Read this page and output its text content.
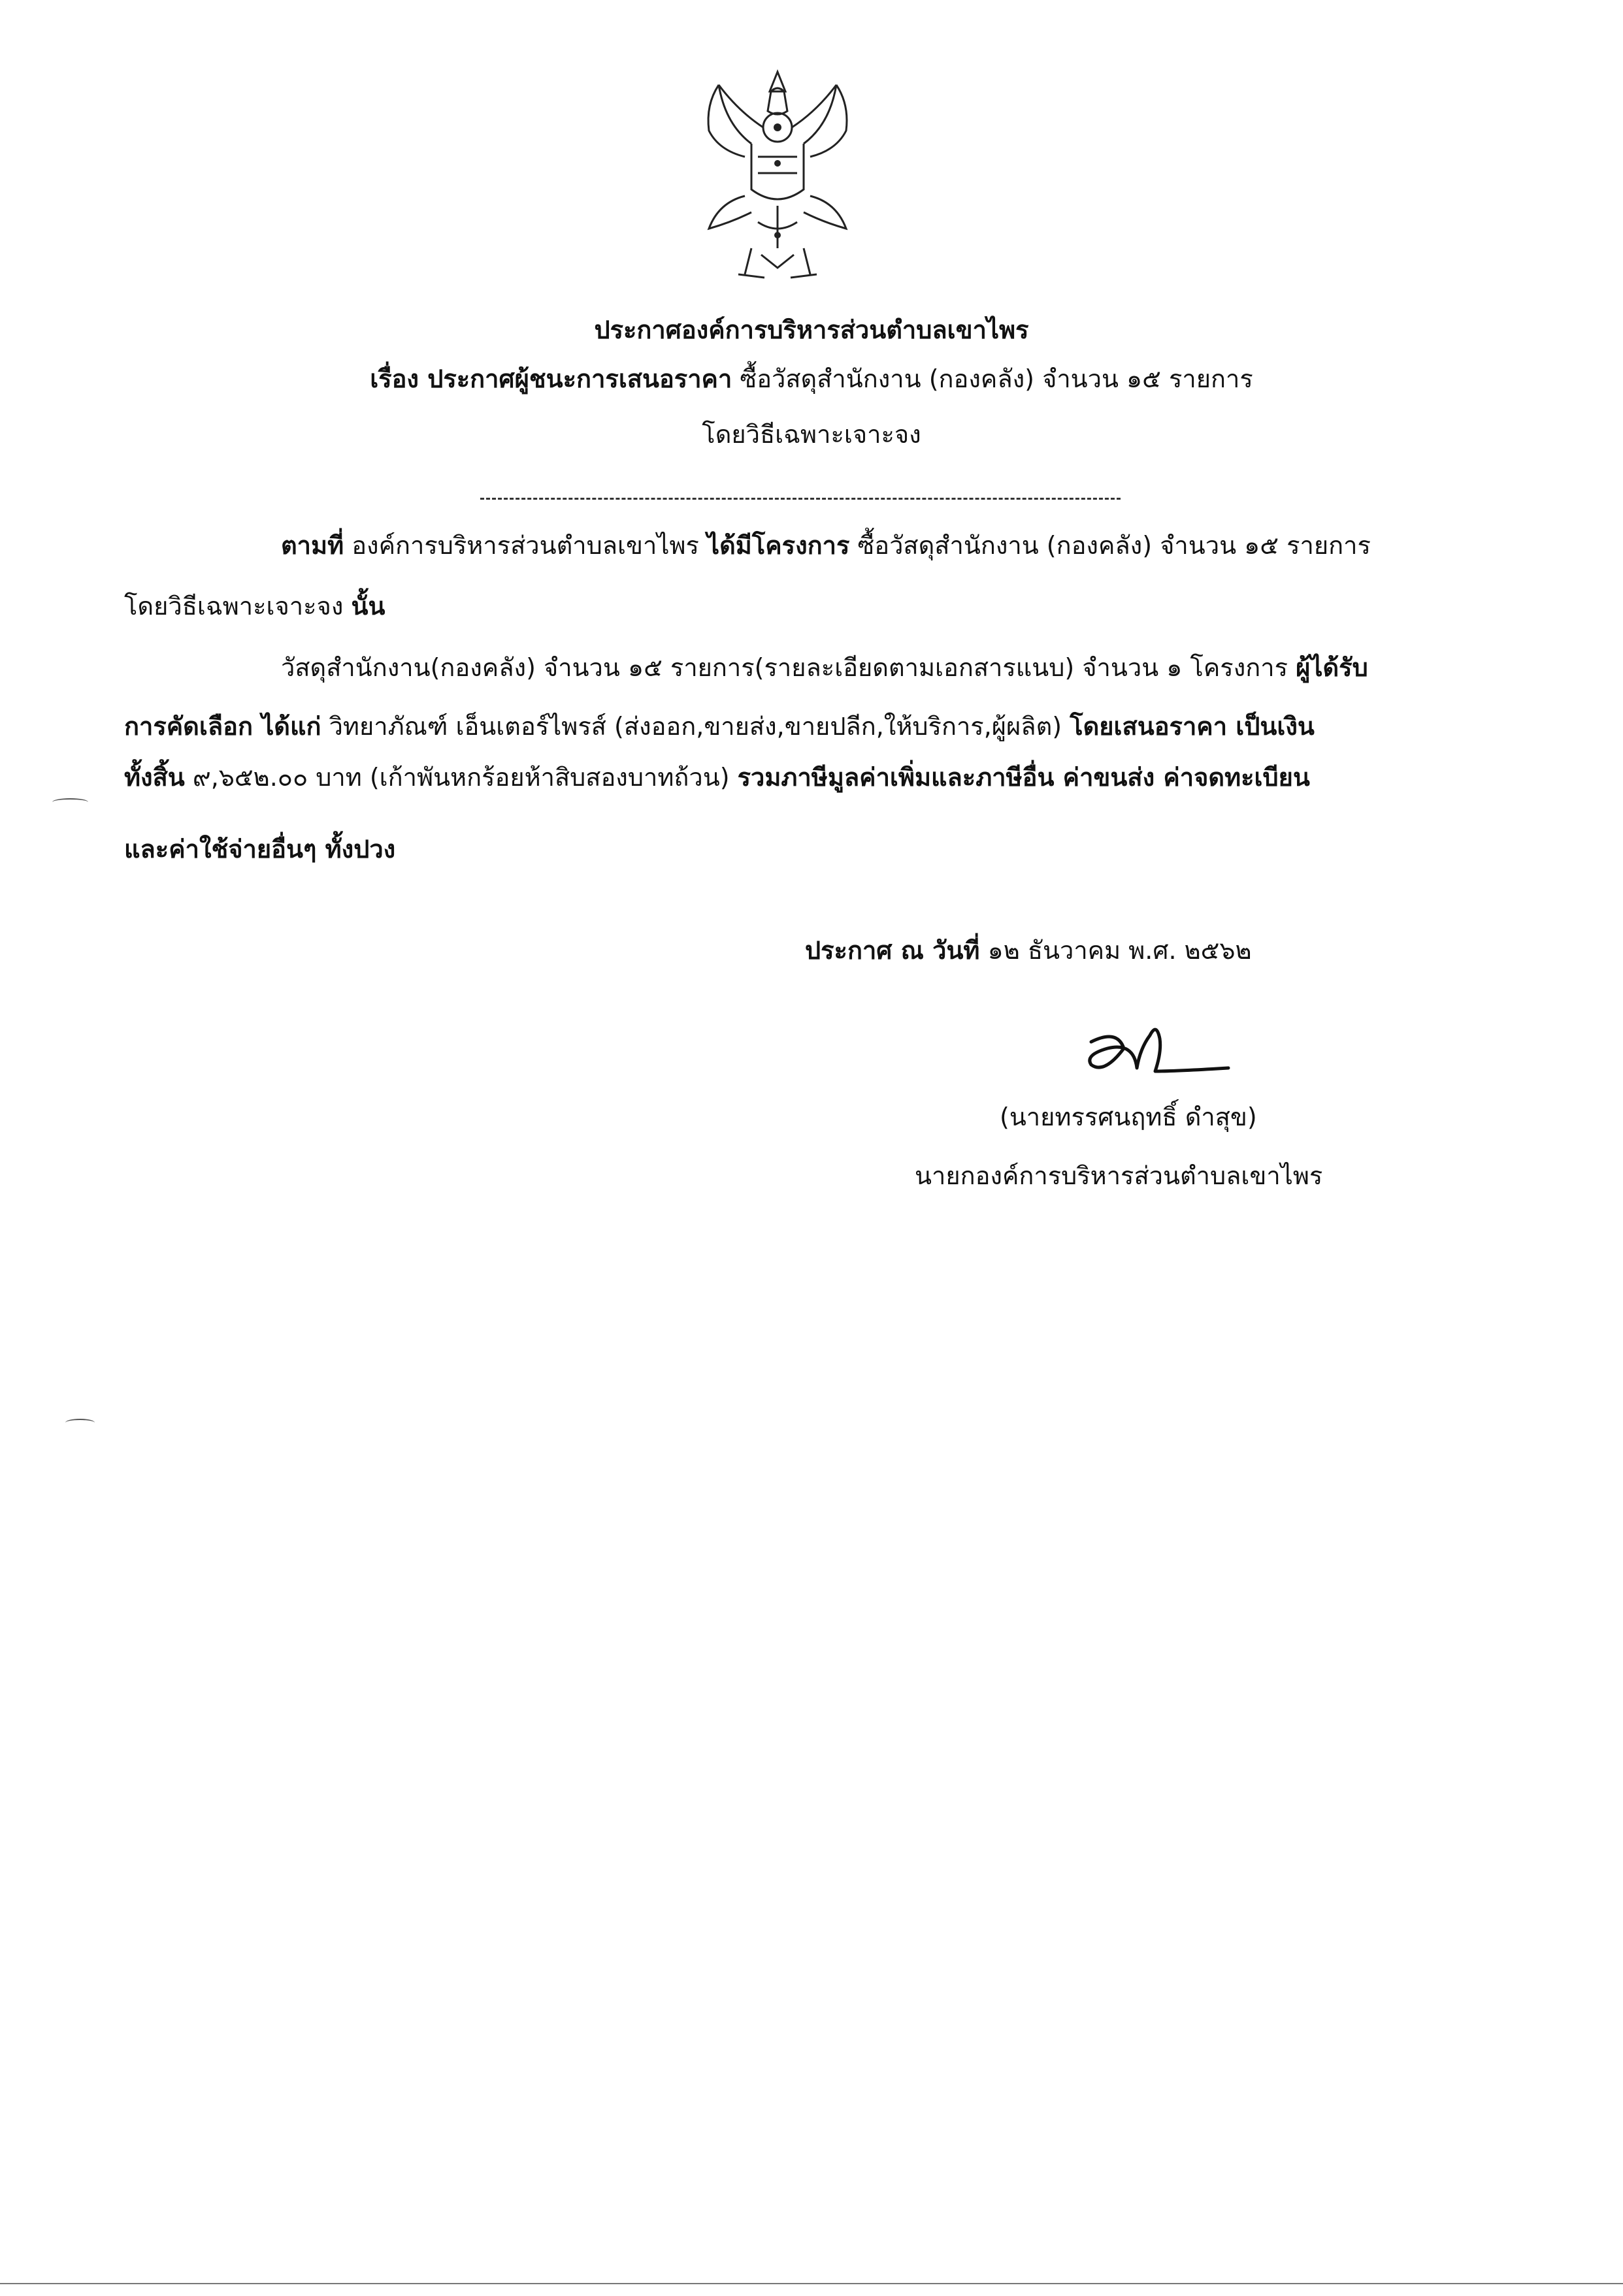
ประกาศองค์การบริหารส่วนตำบลเขาไพร
เรื่อง ประกาศผู้ชนะการเสนอราคา ซื้อวัสดุสำนักงาน (กองคลัง) จำนวน ๑๕ รายการ
โดยวิธีเฉพาะเจาะจง
ตามที่ องค์การบริหารส่วนตำบลเขาไพร ได้มีโครงการ ซื้อวัสดุสำนักงาน (กองคลัง) จำนวน ๑๕ รายการ
โดยวิธีเฉพาะเจาะจง นั้น
วัสดุสำนักงาน(กองคลัง) จำนวน ๑๕ รายการ(รายละเอียดตามเอกสารแนบ) จำนวน ๑ โครงการ ผู้ได้รับ
การคัดเลือก ได้แก่ วิทยาภัณฑ์ เอ็นเตอร์ไพรส์ (ส่งออก,ขายส่ง,ขายปลีก,ให้บริการ,ผู้ผลิต) โดยเสนอราคา เป็นเงิน
ทั้งสิ้น ๙,๖๕๒.๐๐ บาท (เก้าพันหกร้อยห้าสิบสองบาทถ้วน) รวมภาษีมูลค่าเพิ่มและภาษีอื่น ค่าขนส่ง ค่าจดทะเบียน
และค่าใช้จ่ายอื่นๆ ทั้งปวง
ประกาศ ณ วันที่ ๑๒ ธันวาคม พ.ศ. ๒๕๖๒
(นายทรรศนฤทธิ์ ดำสุข)
นายกองค์การบริหารส่วนตำบลเขาไพร
